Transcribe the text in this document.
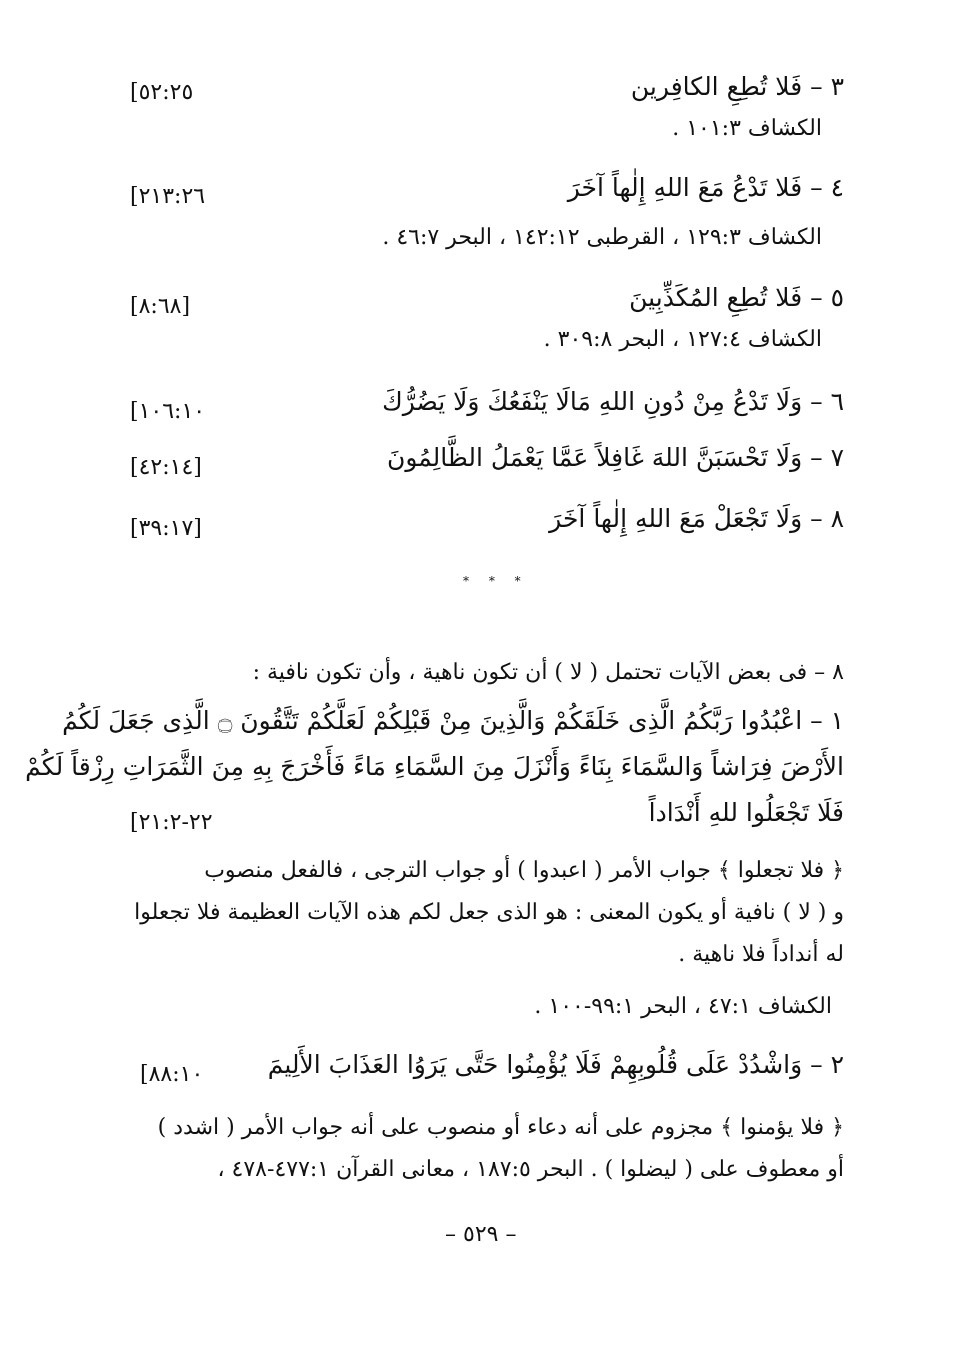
٣ – فَلا تُطِعِ الكافِرين
[٥٢:٢٥
الكشاف ١٠١:٣ .
٤ – فَلا تَدْعُ مَعَ اللهِ إِلٰهاً آخَرَ
[٢١٣:٢٦
الكشاف ١٢٩:٣ ، القرطبى ١٤٢:١٢ ، البحر ٤٦:٧ .
٥ – فَلا تُطِعِ المُكَذِّبِينَ
[٨:٦٨]
الكشاف ١٢٧:٤ ، البحر ٣٠٩:٨ .
٦ – وَلَا تَدْعُ مِنْ دُونِ اللهِ مَالَا يَنْفَعُكَ وَلَا يَضُرُّكَ
[١٠٦:١٠
٧ – وَلَا تَحْسَبَنَّ اللهَ غَافِلاً عَمَّا يَعْمَلُ الظَّالِمُونَ
[٤٢:١٤]
٨ – وَلَا تَجْعَلْ مَعَ اللهِ إِلٰهاً آخَرَ
[٣٩:١٧]
* * *
٨ – فى بعض الآيات تحتمل ( لا ) أن تكون ناهية ، وأن تكون نافية :
١ – اعْبُدُوا رَبَّكُمُ الَّذِى خَلَقَكُمْ وَالَّذِينَ مِنْ قَبْلِكُمْ لَعَلَّكُمْ تَتَّقُونَ ۝ الَّذِى جَعَلَ لَكُمُ
الأَرْضَ فِرَاشاً وَالسَّمَاءَ بِنَاءً وَأَنْزَلَ مِنَ السَّمَاءِ مَاءً فَأَخْرَجَ بِهِ مِنَ الثَّمَرَاتِ رِزْقاً لَكُمْ
فَلَا تَجْعَلُوا للهِ أَنْدَاداً
[٢٢-٢١:٢
﴿ فلا تجعلوا ﴾ جواب الأمر ( اعبدوا ) أو جواب الترجى ، فالفعل منصوب
و ( لا ) نافية أو يكون المعنى : هو الذى جعل لكم هذه الآيات العظيمة فلا تجعلوا
له أنداداً فلا ناهية .
الكشاف ٤٧:١ ، البحر ٩٩:١-١٠٠ .
٢ – وَاشْدُدْ عَلَى قُلُوبِهِمْ فَلَا يُؤْمِنُوا حَتَّى يَرَوُا العَذَابَ الأَلِيمَ
[٨٨:١٠
﴿ فلا يؤمنوا ﴾ مجزوم على أنه دعاء أو منصوب على أنه جواب الأمر ( اشدد )
أو معطوف على ( ليضلوا ) . البحر ١٨٧:٥ ، معانى القرآن ٤٧٧:١-٤٧٨ ،
– ٥٢٩ –
